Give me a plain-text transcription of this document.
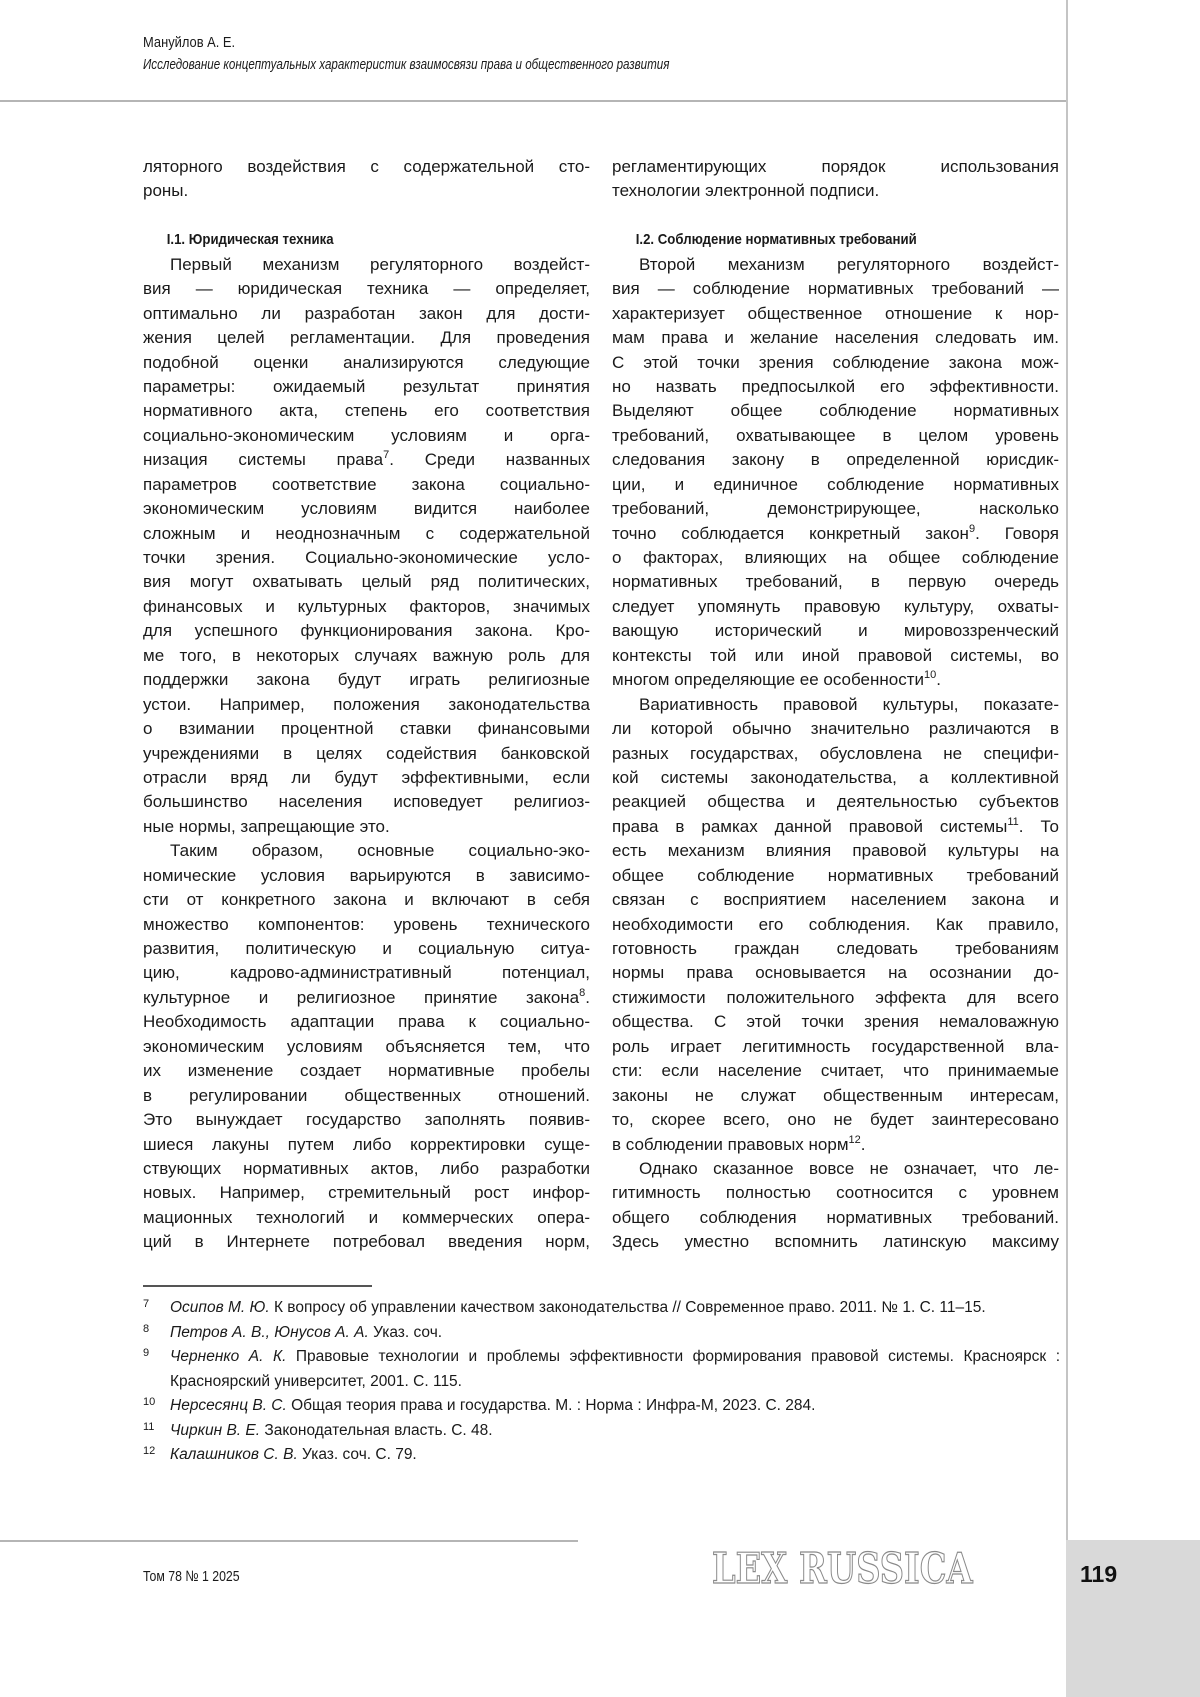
Мануйлов А. Е.
Исследование концептуальных характеристик взаимосвязи права и общественного развития
119
ляторного воздействия с содержательной сто-
роны.
I.1. Юридическая техника
Первый механизм регуляторного воздейст-
вия — юридическая техника — определяет,
оптимально ли разработан закон для дости-
жения целей регламентации. Для проведения
подобной оценки анализируются следующие
параметры: ожидаемый результат принятия
нормативного акта, степень его соответствия
социально-экономическим условиям и орга-
низация системы права7. Среди названных
параметров соответствие закона социально-
экономическим условиям видится наиболее
сложным и неоднозначным с содержательной
точки зрения. Социально-экономические усло-
вия могут охватывать целый ряд политических,
финансовых и культурных факторов, значимых
для успешного функционирования закона. Кро-
ме того, в некоторых случаях важную роль для
поддержки закона будут играть религиозные
устои. Например, положения законодательства
о взимании процентной ставки финансовыми
учреждениями в целях содействия банковской
отрасли вряд ли будут эффективными, если
большинство населения исповедует религиоз-
ные нормы, запрещающие это.
Таким образом, основные социально-эко-
номические условия варьируются в зависимо-
сти от конкретного закона и включают в себя
множество компонентов: уровень технического
развития, политическую и социальную ситуа-
цию, кадрово-административный потенциал,
культурное и религиозное принятие закона8.
Необходимость адаптации права к социально-
экономическим условиям объясняется тем, что
их изменение создает нормативные пробелы
в регулировании общественных отношений.
Это вынуждает государство заполнять появив-
шиеся лакуны путем либо корректировки суще-
ствующих нормативных актов, либо разработки
новых. Например, стремительный рост инфор-
мационных технологий и коммерческих опера-
ций в Интернете потребовал введения норм,
регламентирующих порядок использования
технологии электронной подписи.
I.2. Соблюдение нормативных требований
Второй механизм регуляторного воздейст-
вия — соблюдение нормативных требований —
характеризует общественное отношение к нор-
мам права и желание населения следовать им.
С этой точки зрения соблюдение закона мож-
но назвать предпосылкой его эффективности.
Выделяют общее соблюдение нормативных
требований, охватывающее в целом уровень
следования закону в определенной юрисдик-
ции, и единичное соблюдение нормативных
требований, демонстрирующее, насколько
точно соблюдается конкретный закон9. Говоря
о факторах, влияющих на общее соблюдение
нормативных требований, в первую очередь
следует упомянуть правовую культуру, охваты-
вающую исторический и мировоззренческий
контексты той или иной правовой системы, во
многом определяющие ее особенности10.
Вариативность правовой культуры, показате-
ли которой обычно значительно различаются в
разных государствах, обусловлена не специфи-
кой системы законодательства, а коллективной
реакцией общества и деятельностью субъектов
права в рамках данной правовой системы11. То
есть механизм влияния правовой культуры на
общее соблюдение нормативных требований
связан с восприятием населением закона и
необходимости его соблюдения. Как правило,
готовность граждан следовать требованиям
нормы права основывается на осознании до-
стижимости положительного эффекта для всего
общества. С этой точки зрения немаловажную
роль играет легитимность государственной вла-
сти: если население считает, что принимаемые
законы не служат общественным интересам,
то, скорее всего, оно не будет заинтересовано
в соблюдении правовых норм12.
Однако сказанное вовсе не означает, что ле-
гитимность полностью соотносится с уровнем
общего соблюдения нормативных требований.
Здесь уместно вспомнить латинскую максиму
7 Осипов М. Ю. К вопросу об управлении качеством законодательства // Современное право. 2011. № 1. С. 11–15.
8 Петров А. В., Юнусов А. А. Указ. соч.
9 Черненко А. К. Правовые технологии и проблемы эффективности формирования правовой системы. Красноярск : Красноярский университет, 2001. С. 115.
10 Нерсесянц В. С. Общая теория права и государства. М. : Норма : Инфра-М, 2023. С. 284.
11 Чиркин В. Е. Законодательная власть. С. 48.
12 Калашников С. В. Указ. соч. С. 79.
Том 78 № 1 2025	LEX RUSSICA
